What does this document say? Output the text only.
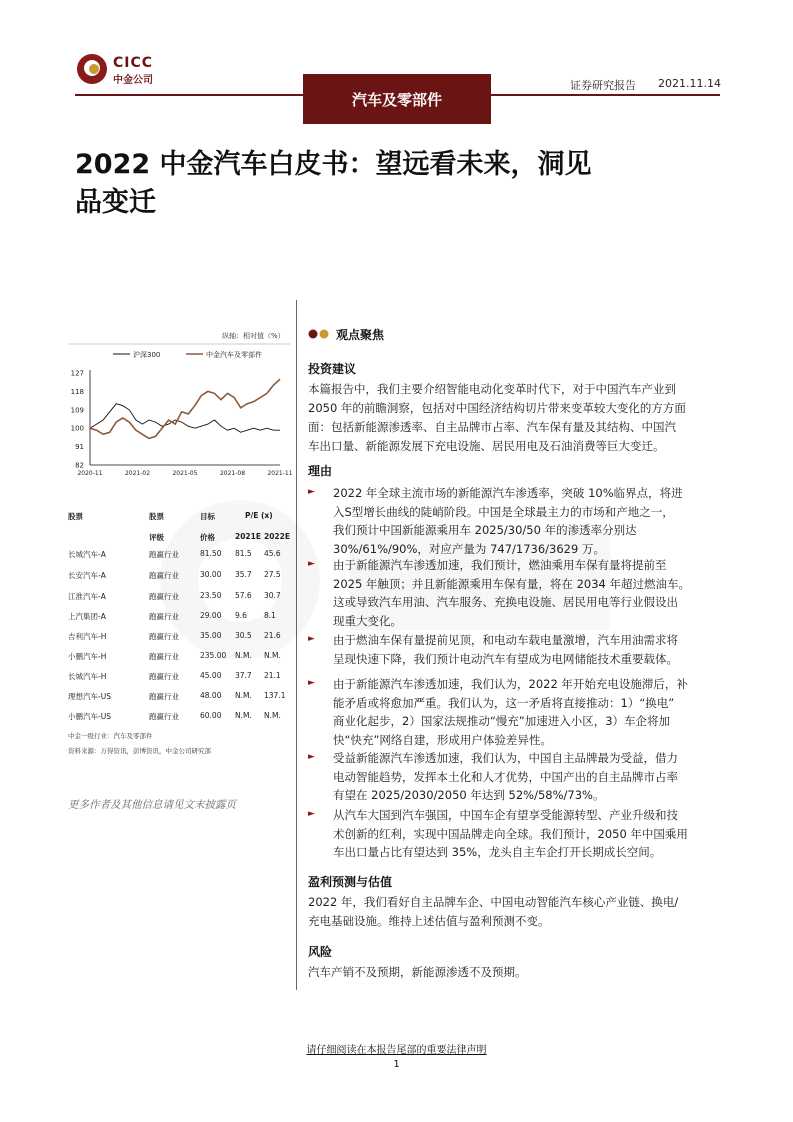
CICC
中金公司
汽车及零部件
证券研究报告 2021.11.14
2022 中金汽车白皮书：望远看未来，洞见
品变迁
纵轴：相对值（%）
沪深300	中金汽车及零部件
127
118
109
100
91
82
2020-11	2021-02	2021-05	2021-08	2021-11
股票	股票	目标	P/E (x)
评级	价格	2021E 2022E
长城汽车-A	跑赢行业	81.50 81.5 45.6
长安汽车-A	跑赢行业	30.00 35.7 27.5
江淮汽车-A	跑赢行业	23.50 57.6 30.7
上汽集团-A	跑赢行业	29.00 9.6 8.1
吉利汽车-H	跑赢行业	35.00 30.5 21.6
小鹏汽车-H	跑赢行业	235.00 N.M. N.M.
长城汽车-H	跑赢行业	45.00 37.7 21.1
理想汽车-US	跑赢行业	48.00 N.M. 137.1
小鹏汽车-US	跑赢行业	60.00 N.M. N.M.
中金一级行业：汽车及零部件
资料来源：万得资讯，彭博资讯，中金公司研究部
更多作者及其他信息请见文末披露页
观点聚焦
投资建议
本篇报告中，我们主要介绍智能电动化变革时代下，对于中国汽车产业到
2050 年的前瞻洞察，包括对中国经济结构切片带来变革较大变化的方方面
面：包括新能源渗透率、自主品牌市占率、汽车保有量及其结构、中国汽
车出口量、新能源发展下充电设施、居民用电及石油消费等巨大变迁。
理由
► 2022 年全球主流市场的新能源汽车渗透率，突破 10%临界点，将进
入S型增长曲线的陡峭阶段。中国是全球最主力的市场和产地之一，
我们预计中国新能源乘用车 2025/30/50 年的渗透率分别达
30%/61%/90%，对应产量为 747/1736/3629 万。
► 由于新能源汽车渗透加速，我们预计，燃油乘用车保有量将提前至
2025 年触顶；并且新能源乘用车保有量，将在 2034 年超过燃油车。
这或导致汽车用油、汽车服务、充换电设施、居民用电等行业假设出
现重大变化。
► 由于燃油车保有量提前见顶，和电动车载电量激增，汽车用油需求将
呈现快速下降，我们预计电动汽车有望成为电网储能技术重要载体。
► 由于新能源汽车渗透加速，我们认为，2022 年开始充电设施滞后，补
能矛盾或将愈加严重。我们认为，这一矛盾将直接推动：1）“换电”
商业化起步，2）国家法规推动“慢充”加速进入小区，3）车企将加
快“快充”网络自建，形成用户体验差异性。
► 受益新能源汽车渗透加速，我们认为，中国自主品牌最为受益，借力
电动智能趋势，发挥本土化和人才优势，中国产出的自主品牌市占率
有望在 2025/2030/2050 年达到 52%/58%/73%。
► 从汽车大国到汽车强国，中国车企有望享受能源转型、产业升级和技
术创新的红利，实现中国品牌走向全球。我们预计，2050 年中国乘用
车出口量占比有望达到 35%，龙头自主车企打开长期成长空间。
盈利预测与估值
2022 年，我们看好自主品牌车企、中国电动智能汽车核心产业链、换电/
充电基础设施。维持上述估值与盈利预测不变。
风险
汽车产销不及预期，新能源渗透不及预期。
请仔细阅读在本报告尾部的重要法律声明
1
